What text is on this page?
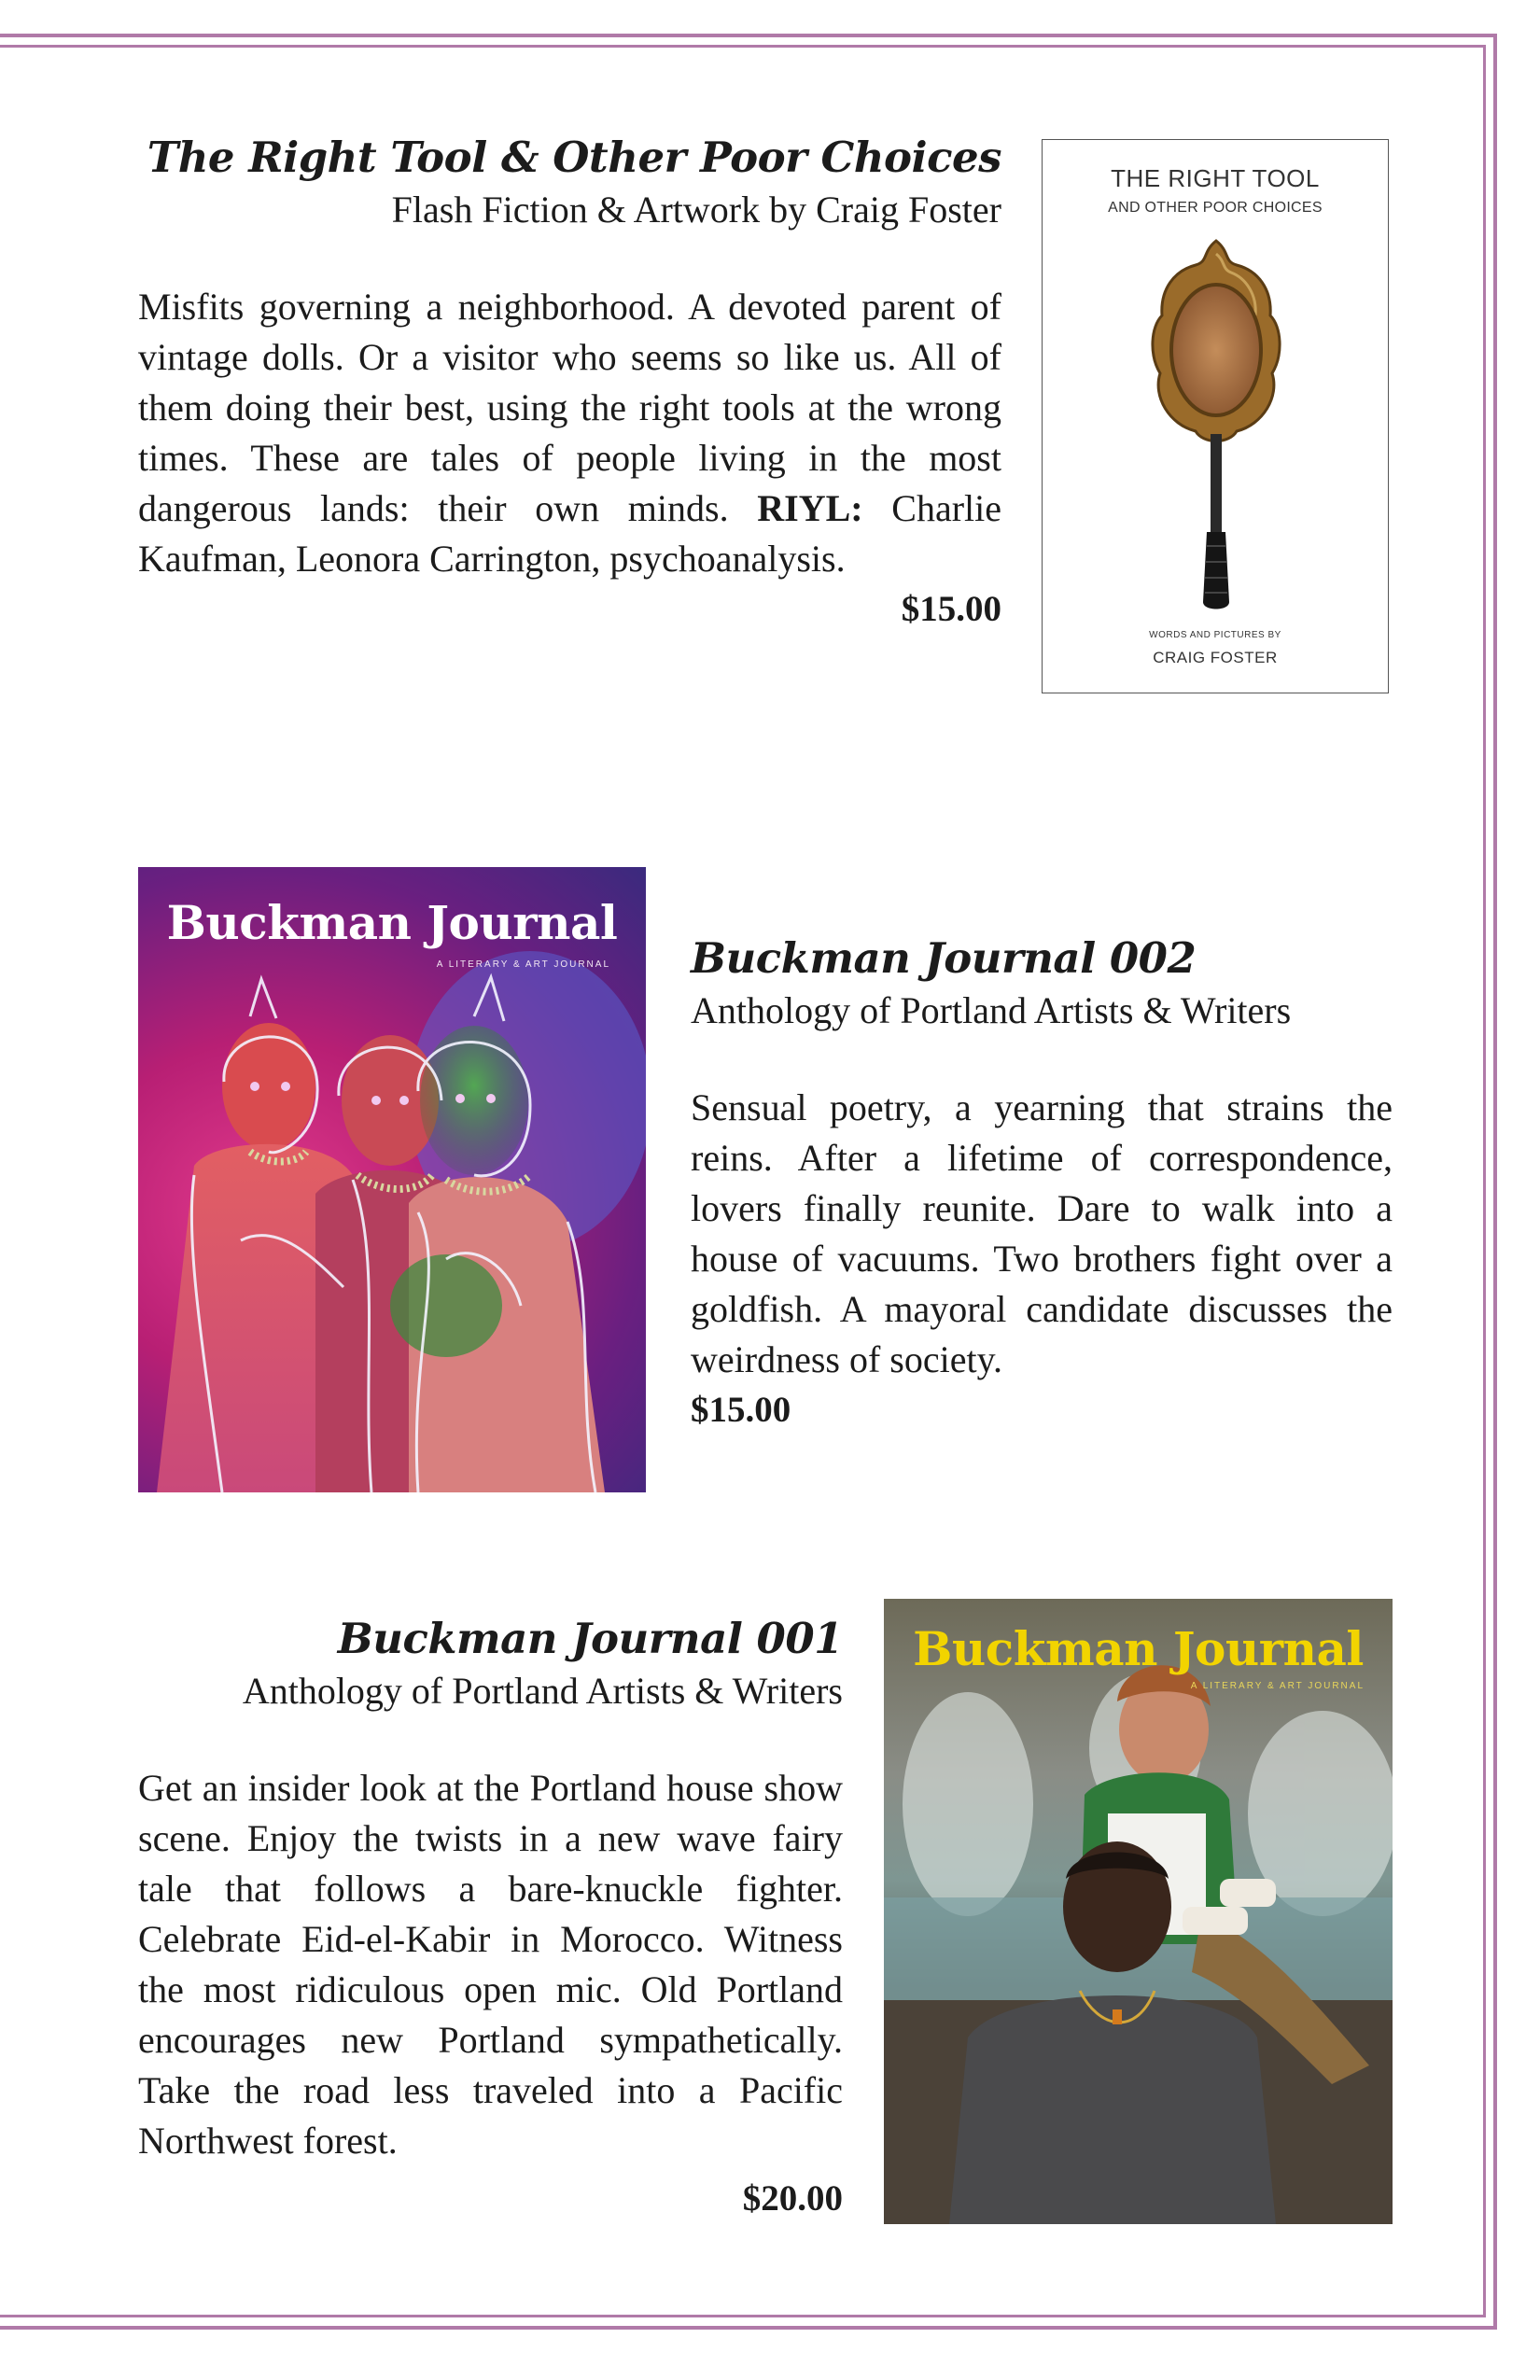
The Right Tool & Other Poor Choices
Flash Fiction & Artwork by Craig Foster
Misfits governing a neighborhood. A devoted parent of vintage dolls. Or a visitor who seems so like us. All of them doing their best, using the right tools at the wrong times. These are tales of people living in the most dangerous lands: their own minds. RIYL: Charlie Kaufman, Leonora Carrington, psychoanalysis.
$15.00
THE RIGHT TOOL
AND OTHER POOR CHOICES
WORDS AND PICTURES BY
CRAIG FOSTER
Buckman Journal
A LITERARY & ART JOURNAL Buckman Journal 002
Anthology of Portland Artists & Writers
Sensual poetry, a yearning that strains the reins. After a lifetime of correspondence, lovers finally reunite. Dare to walk into a house of vacuums. Two brothers fight over a goldfish. A mayoral candidate discusses the weirdness of society.
$15.00
Buckman Journal 001
Anthology of Portland Artists & Writers
Get an insider look at the Portland house show scene. Enjoy the twists in a new wave fairy tale that follows a bare-knuckle fighter. Celebrate Eid-el-Kabir in Morocco. Witness the most ridiculous open mic. Old Portland encourages new Portland sympathetically. Take the road less traveled into a Pacific Northwest forest.
$20.00
Buckman Journal
A LITERARY & ART JOURNAL
